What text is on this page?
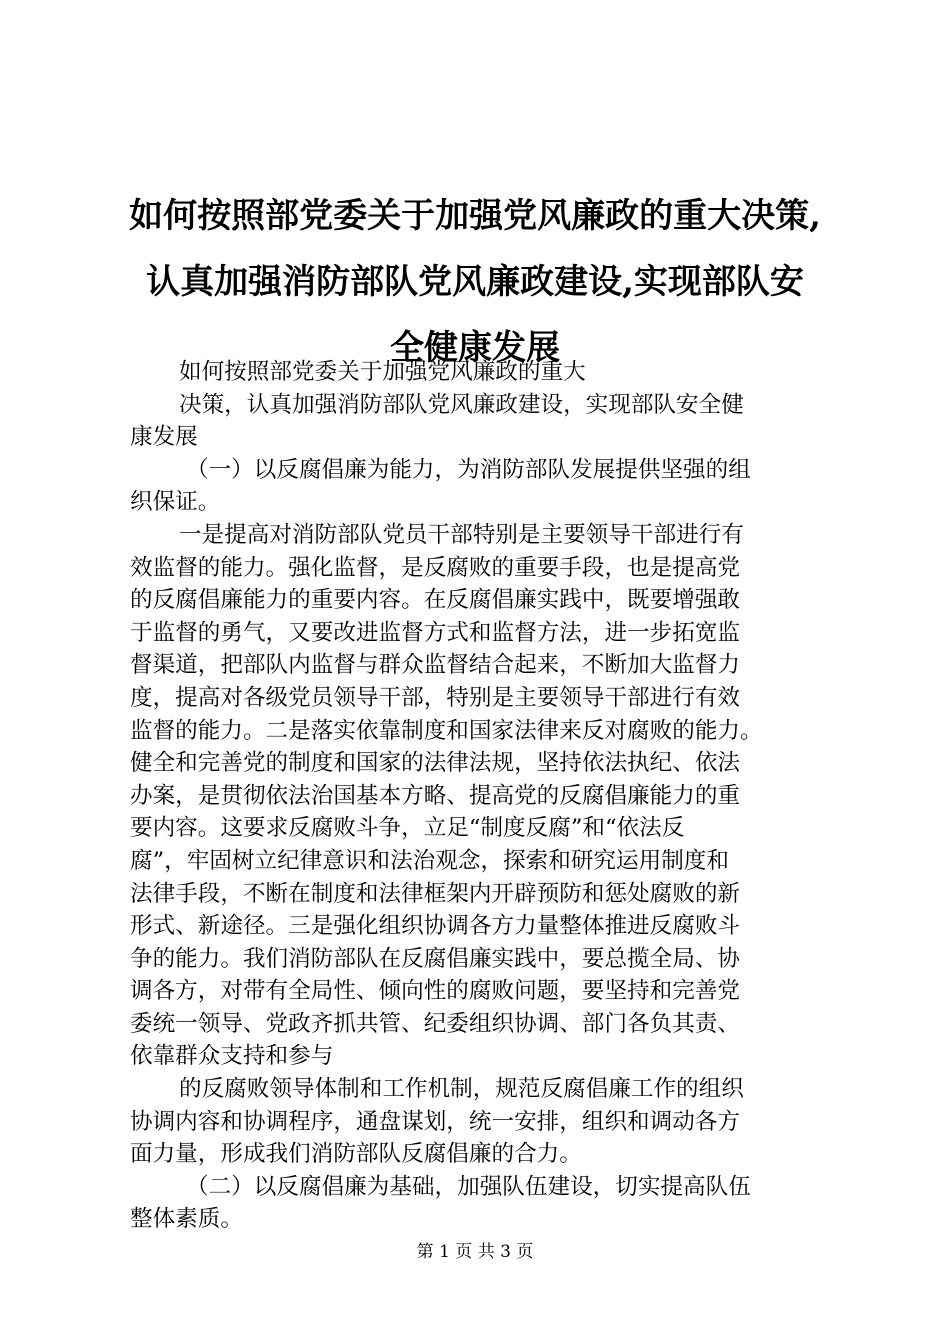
如何按照部党委关于加强党风廉政的重大决策,
认真加强消防部队党风廉政建设,实现部队安
全健康发展
如何按照部党委关于加强党风廉政的重大
决策，认真加强消防部队党风廉政建设，实现部队安全健
康发展
（一）以反腐倡廉为能力，为消防部队发展提供坚强的组
织保证。
一是提高对消防部队党员干部特别是主要领导干部进行有
效监督的能力。强化监督，是反腐败的重要手段，也是提高党
的反腐倡廉能力的重要内容。在反腐倡廉实践中，既要增强敢
于监督的勇气，又要改进监督方式和监督方法，进一步拓宽监
督渠道，把部队内监督与群众监督结合起来，不断加大监督力
度，提高对各级党员领导干部，特别是主要领导干部进行有效
监督的能力。二是落实依靠制度和国家法律来反对腐败的能力。
健全和完善党的制度和国家的法律法规，坚持依法执纪、依法
办案，是贯彻依法治国基本方略、提高党的反腐倡廉能力的重
要内容。这要求反腐败斗争，立足“制度反腐”和“依法反
腐”，牢固树立纪律意识和法治观念，探索和研究运用制度和
法律手段，不断在制度和法律框架内开辟预防和惩处腐败的新
形式、新途径。三是强化组织协调各方力量整体推进反腐败斗
争的能力。我们消防部队在反腐倡廉实践中，要总揽全局、协
调各方，对带有全局性、倾向性的腐败问题，要坚持和完善党
委统一领导、党政齐抓共管、纪委组织协调、部门各负其责、
依靠群众支持和参与
的反腐败领导体制和工作机制，规范反腐倡廉工作的组织
协调内容和协调程序，通盘谋划，统一安排，组织和调动各方
面力量，形成我们消防部队反腐倡廉的合力。
（二）以反腐倡廉为基础，加强队伍建设，切实提高队伍
整体素质。
第 1 页 共 3 页
